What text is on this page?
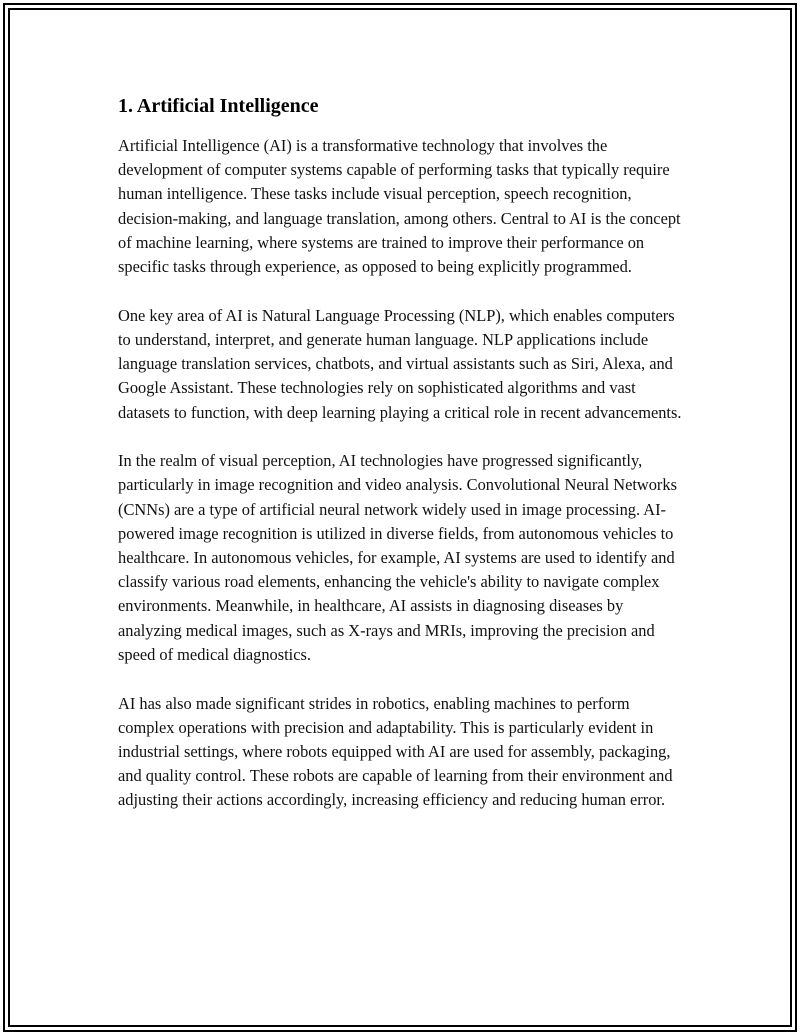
1. Artificial Intelligence

Artificial Intelligence (AI) is a transformative technology that involves the development of computer systems capable of performing tasks that typically require human intelligence. These tasks include visual perception, speech recognition, decision-making, and language translation, among others. Central to AI is the concept of machine learning, where systems are trained to improve their performance on specific tasks through experience, as opposed to being explicitly programmed.

One key area of AI is Natural Language Processing (NLP), which enables computers to understand, interpret, and generate human language. NLP applications include language translation services, chatbots, and virtual assistants such as Siri, Alexa, and Google Assistant. These technologies rely on sophisticated algorithms and vast datasets to function, with deep learning playing a critical role in recent advancements.

In the realm of visual perception, AI technologies have progressed significantly, particularly in image recognition and video analysis. Convolutional Neural Networks (CNNs) are a type of artificial neural network widely used in image processing. AI-powered image recognition is utilized in diverse fields, from autonomous vehicles to healthcare. In autonomous vehicles, for example, AI systems are used to identify and classify various road elements, enhancing the vehicle's ability to navigate complex environments. Meanwhile, in healthcare, AI assists in diagnosing diseases by analyzing medical images, such as X-rays and MRIs, improving the precision and speed of medical diagnostics.

AI has also made significant strides in robotics, enabling machines to perform complex operations with precision and adaptability. This is particularly evident in industrial settings, where robots equipped with AI are used for assembly, packaging, and quality control. These robots are capable of learning from their environment and adjusting their actions accordingly, increasing efficiency and reducing human error.
